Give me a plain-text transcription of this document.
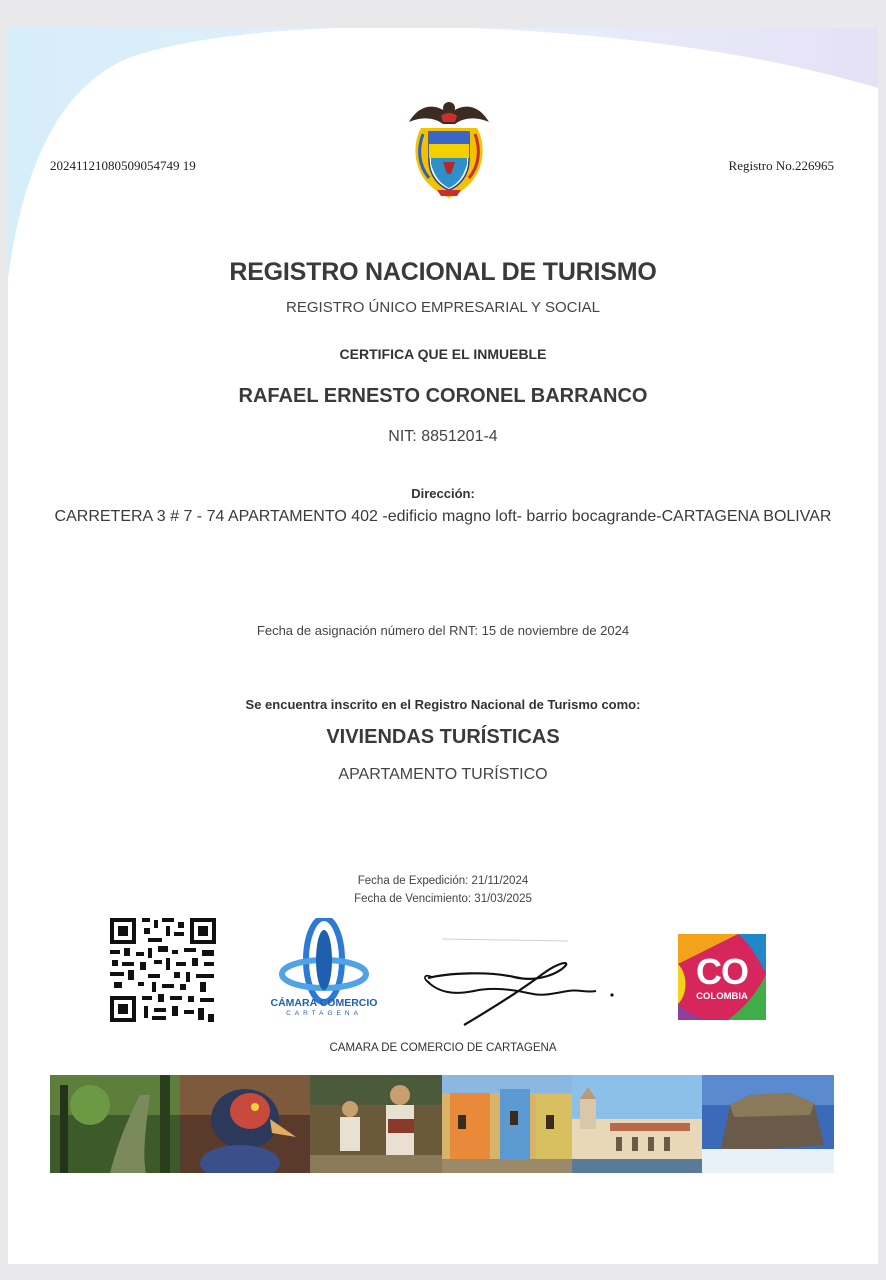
20241121080509054749 19	Registro No.226965
REGISTRO NACIONAL DE TURISMO
REGISTRO ÚNICO EMPRESARIAL Y SOCIAL
CERTIFICA QUE EL INMUEBLE
RAFAEL ERNESTO CORONEL BARRANCO
NIT: 8851201-4
Dirección:
CARRETERA 3 # 7 - 74 APARTAMENTO 402 -edificio magno loft- barrio bocagrande-CARTAGENA BOLIVAR
Fecha de asignación número del RNT: 15 de noviembre de 2024
Se encuentra inscrito en el Registro Nacional de Turismo como:
VIVIENDAS TURÍSTICAS
APARTAMENTO TURÍSTICO
Fecha de Expedición: 21/11/2024
Fecha de Vencimiento: 31/03/2025
CÁMARA COMERCIO
CARTAGENA
CO
COLOMBIA
CAMARA DE COMERCIO DE CARTAGENA
